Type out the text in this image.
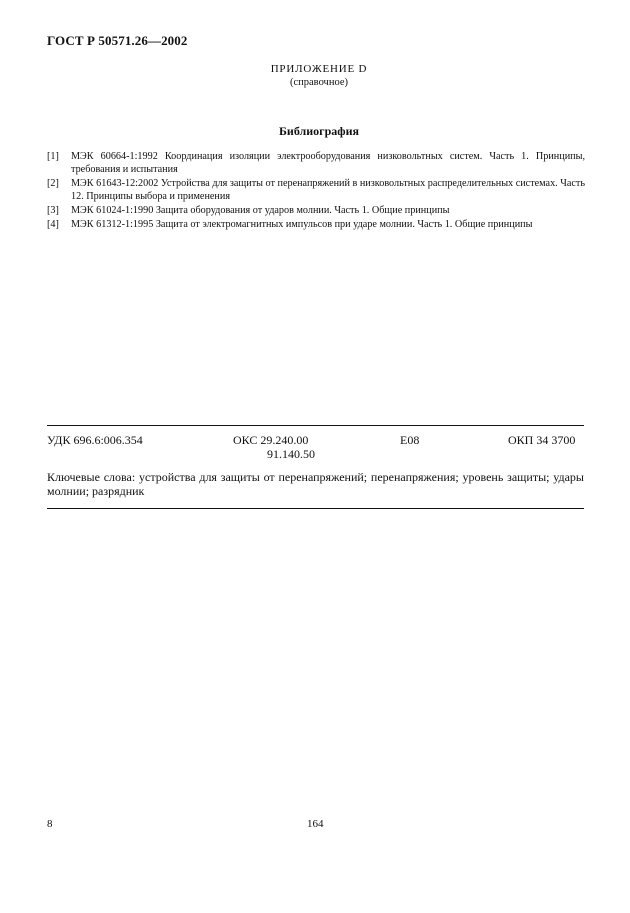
ГОСТ Р 50571.26—2002
ПРИЛОЖЕНИЕ D
(справочное)
Библиография
[1]	МЭК 60664-1:1992 Координация изоляции электрооборудования низковольтных систем. Часть 1. Принципы, требования и испытания
[2]	МЭК 61643-12:2002 Устройства для защиты от перенапряжений в низковольтных распределительных системах. Часть 12. Принципы выбора и применения
[3]	МЭК 61024-1:1990 Защита оборудования от ударов молнии. Часть 1. Общие принципы
[4]	МЭК 61312-1:1995 Защита от электромагнитных импульсов при ударе молнии. Часть 1. Общие принципы
УДК 696.6:006.354	ОКС 29.240.00
91.140.50
E08	ОКП 34 3700
Ключевые слова: устройства для защиты от перенапряжений; перенапряжения; уровень защиты; удары молнии; разрядник
8	164
